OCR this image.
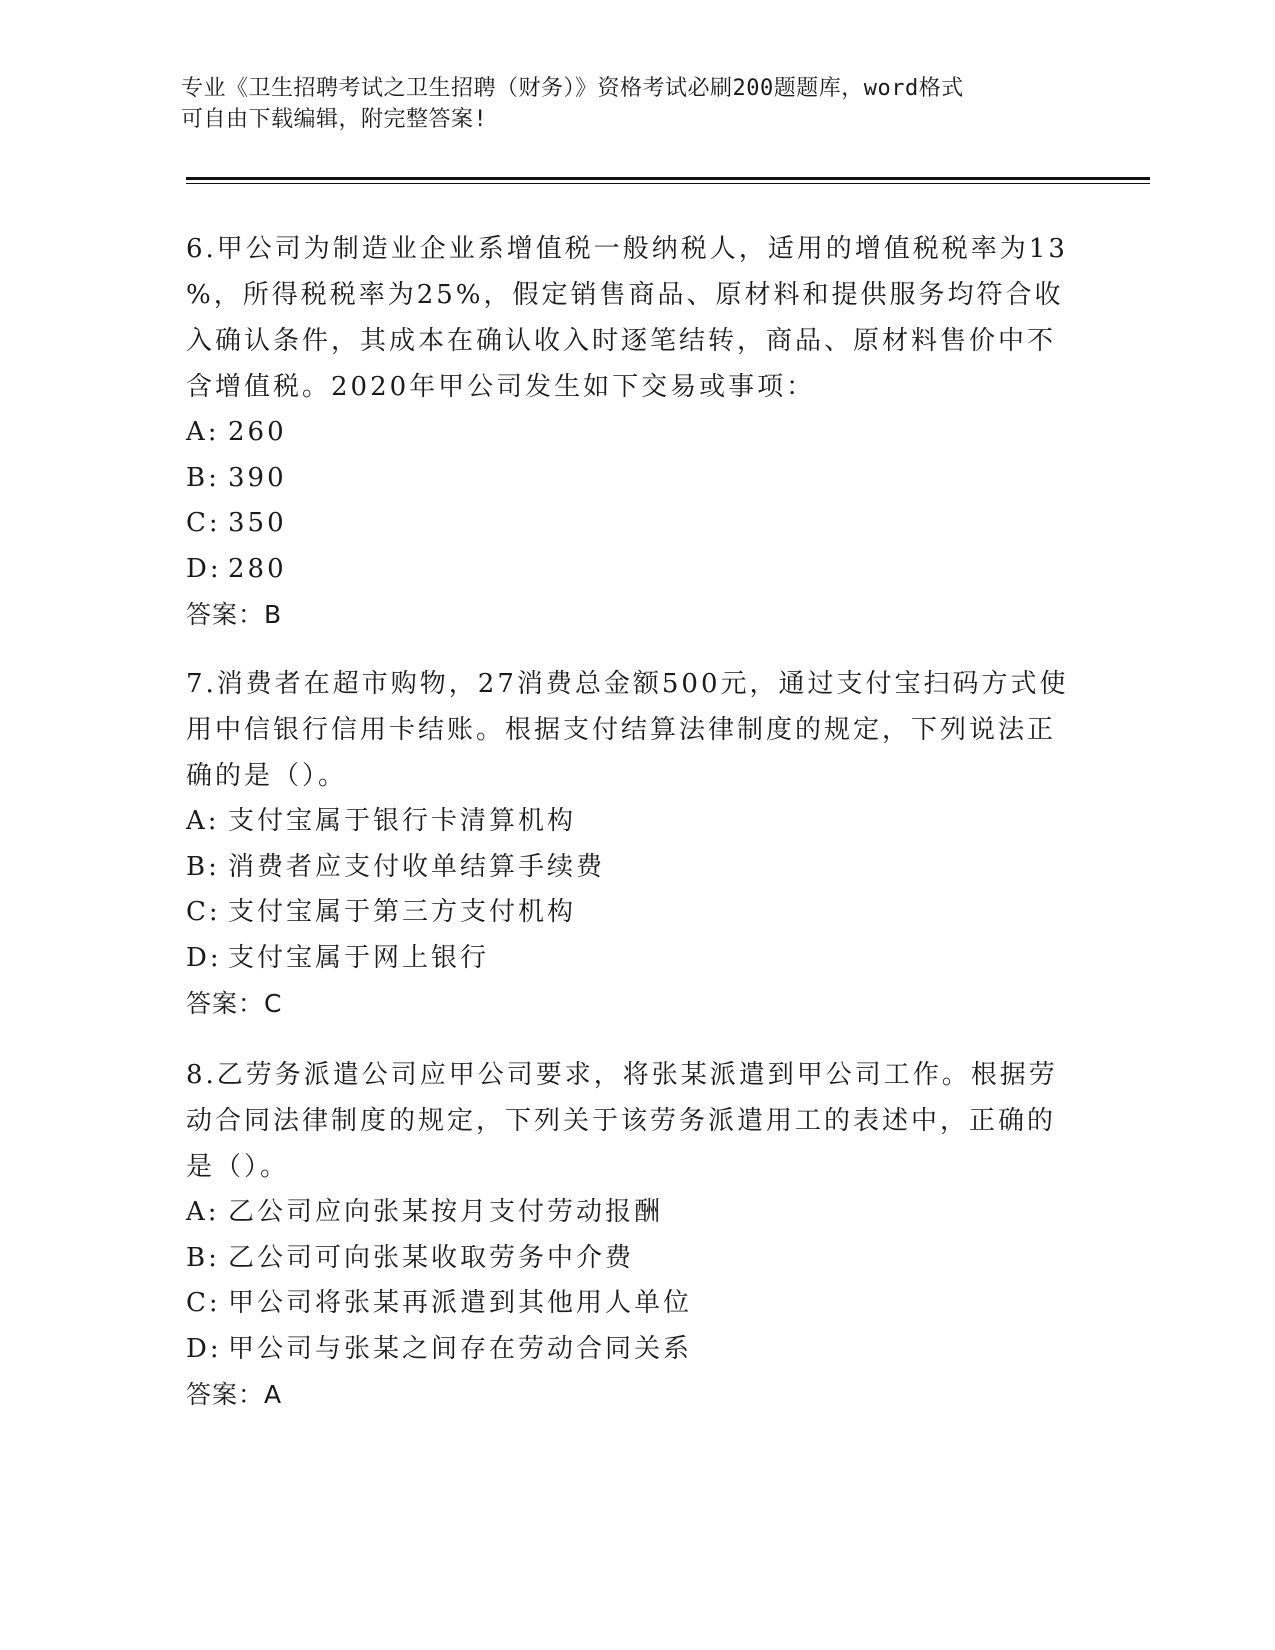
专业《卫生招聘考试之卫生招聘（财务）》资格考试必刷200题题库，word格式
可自由下载编辑，附完整答案!
6.甲公司为制造业企业系增值税一般纳税人，适用的增值税税率为13
%，所得税税率为25%，假定销售商品、原材料和提供服务均符合收
入确认条件，其成本在确认收入时逐笔结转，商品、原材料售价中不
含增值税。2020年甲公司发生如下交易或事项：
A: 260
B: 390
C: 350
D: 280
答案：B
7.消费者在超市购物，27消费总金额500元，通过支付宝扫码方式使
用中信银行信用卡结账。根据支付结算法律制度的规定，下列说法正
确的是（）。
A: 支付宝属于银行卡清算机构
B: 消费者应支付收单结算手续费
C: 支付宝属于第三方支付机构
D: 支付宝属于网上银行
答案：C
8.乙劳务派遣公司应甲公司要求，将张某派遣到甲公司工作。根据劳
动合同法律制度的规定，下列关于该劳务派遣用工的表述中，正确的
是（）。
A: 乙公司应向张某按月支付劳动报酬
B: 乙公司可向张某收取劳务中介费
C: 甲公司将张某再派遣到其他用人单位
D: 甲公司与张某之间存在劳动合同关系
答案：A
